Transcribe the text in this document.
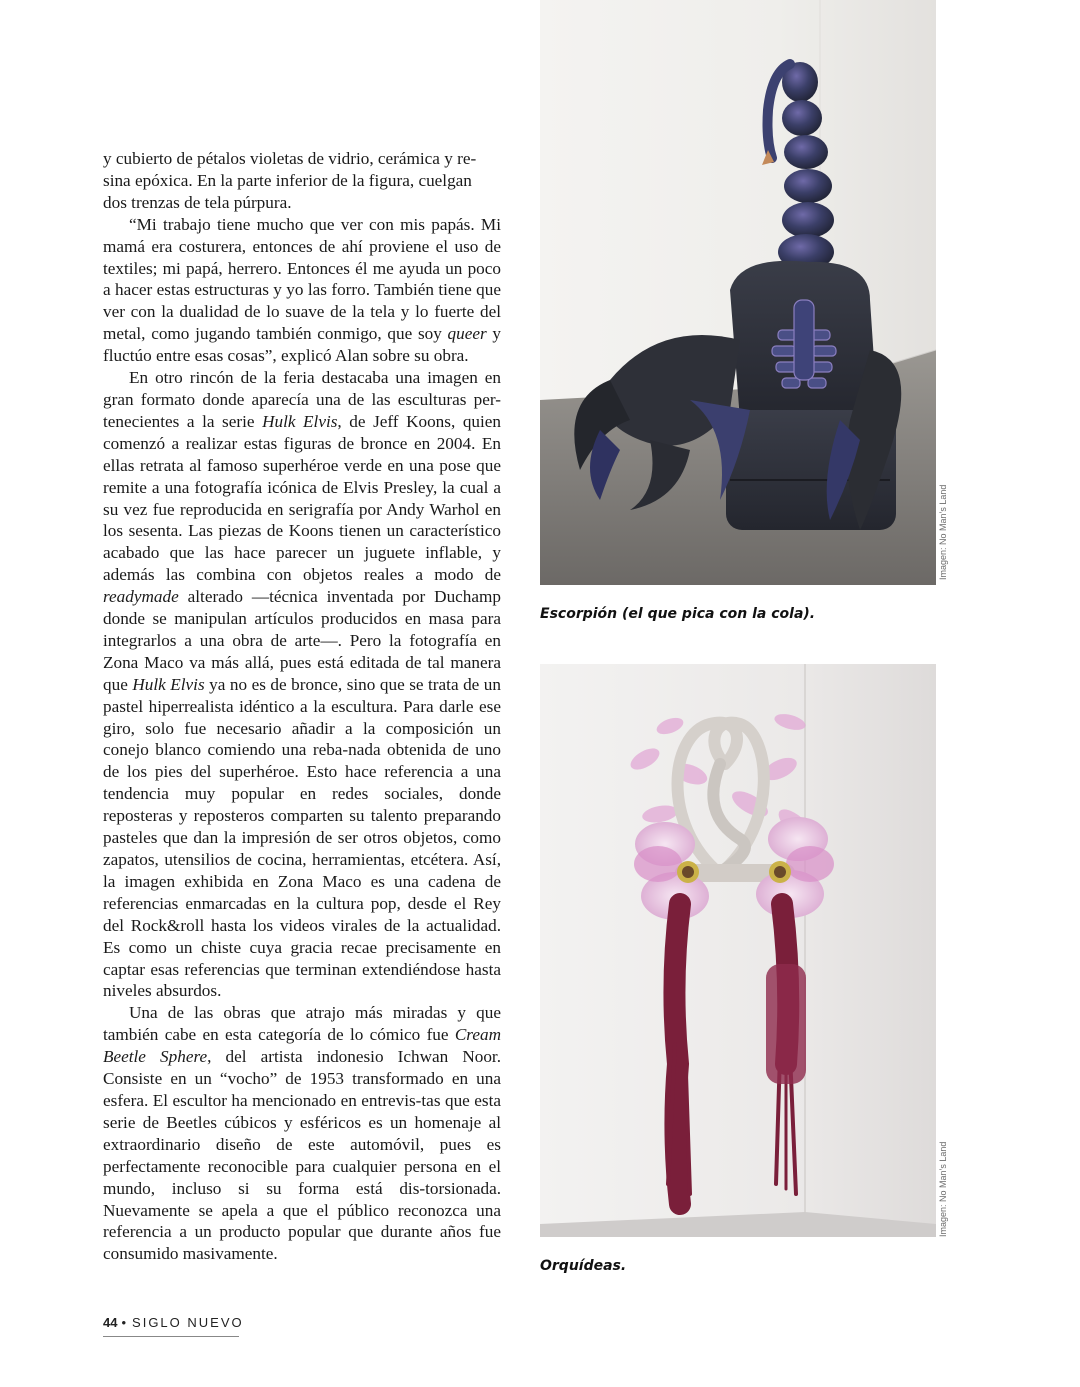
y cubierto de pétalos violetas de vidrio, cerámica y re-
sina epóxica. En la parte inferior de la figura, cuelgan
dos trenzas de tela púrpura.

“Mi trabajo tiene mucho que ver con mis papás. Mi mamá era costurera, entonces de ahí proviene el uso de textiles; mi papá, herrero. Entonces él me ayuda un poco a hacer estas estructuras y yo las forro. También tiene que ver con la dualidad de lo suave de la tela y lo fuerte del metal, como jugando también conmigo, que soy queer y fluctúo entre esas cosas”, explicó Alan sobre su obra.

En otro rincón de la feria destacaba una imagen en gran formato donde aparecía una de las esculturas per-tenecientes a la serie Hulk Elvis, de Jeff Koons, quien comenzó a realizar estas figuras de bronce en 2004. En ellas retrata al famoso superhéroe verde en una pose que remite a una fotografía icónica de Elvis Presley, la cual a su vez fue reproducida en serigrafía por Andy Warhol en los sesenta. Las piezas de Koons tienen un característico acabado que las hace parecer un juguete inflable, y además las combina con objetos reales a modo de readymade alterado —técnica inventada por Duchamp donde se manipulan artículos producidos en masa para integrarlos a una obra de arte—. Pero la fotografía en Zona Maco va más allá, pues está editada de tal manera que Hulk Elvis ya no es de bronce, sino que se trata de un pastel hiperrealista idéntico a la escultura. Para darle ese giro, solo fue necesario añadir a la composición un conejo blanco comiendo una reba-nada obtenida de uno de los pies del superhéroe. Esto hace referencia a una tendencia muy popular en redes sociales, donde reposteras y reposteros comparten su talento preparando pasteles que dan la impresión de ser otros objetos, como zapatos, utensilios de cocina, herramientas, etcétera. Así, la imagen exhibida en Zona Maco es una cadena de referencias enmarcadas en la cultura pop, desde el Rey del Rock&roll hasta los videos virales de la actualidad. Es como un chiste cuya gracia recae precisamente en captar esas referencias que terminan extendiéndose hasta niveles absurdos.

Una de las obras que atrajo más miradas y que también cabe en esta categoría de lo cómico fue Cream Beetle Sphere, del artista indonesio Ichwan Noor. Consiste en un “vocho” de 1953 transformado en una esfera. El escultor ha mencionado en entrevis-tas que esta serie de Beetles cúbicos y esféricos es un homenaje al extraordinario diseño de este automóvil, pues es perfectamente reconocible para cualquier persona en el mundo, incluso si su forma está dis-torsionada. Nuevamente se apela a que el público reconozca una referencia a un producto popular que durante años fue consumido masivamente.

Imagen: No Man’s Land
Escorpión (el que pica con la cola).
Imagen: No Man’s Land
Orquídeas.
44 • SIGLO NUEVO
